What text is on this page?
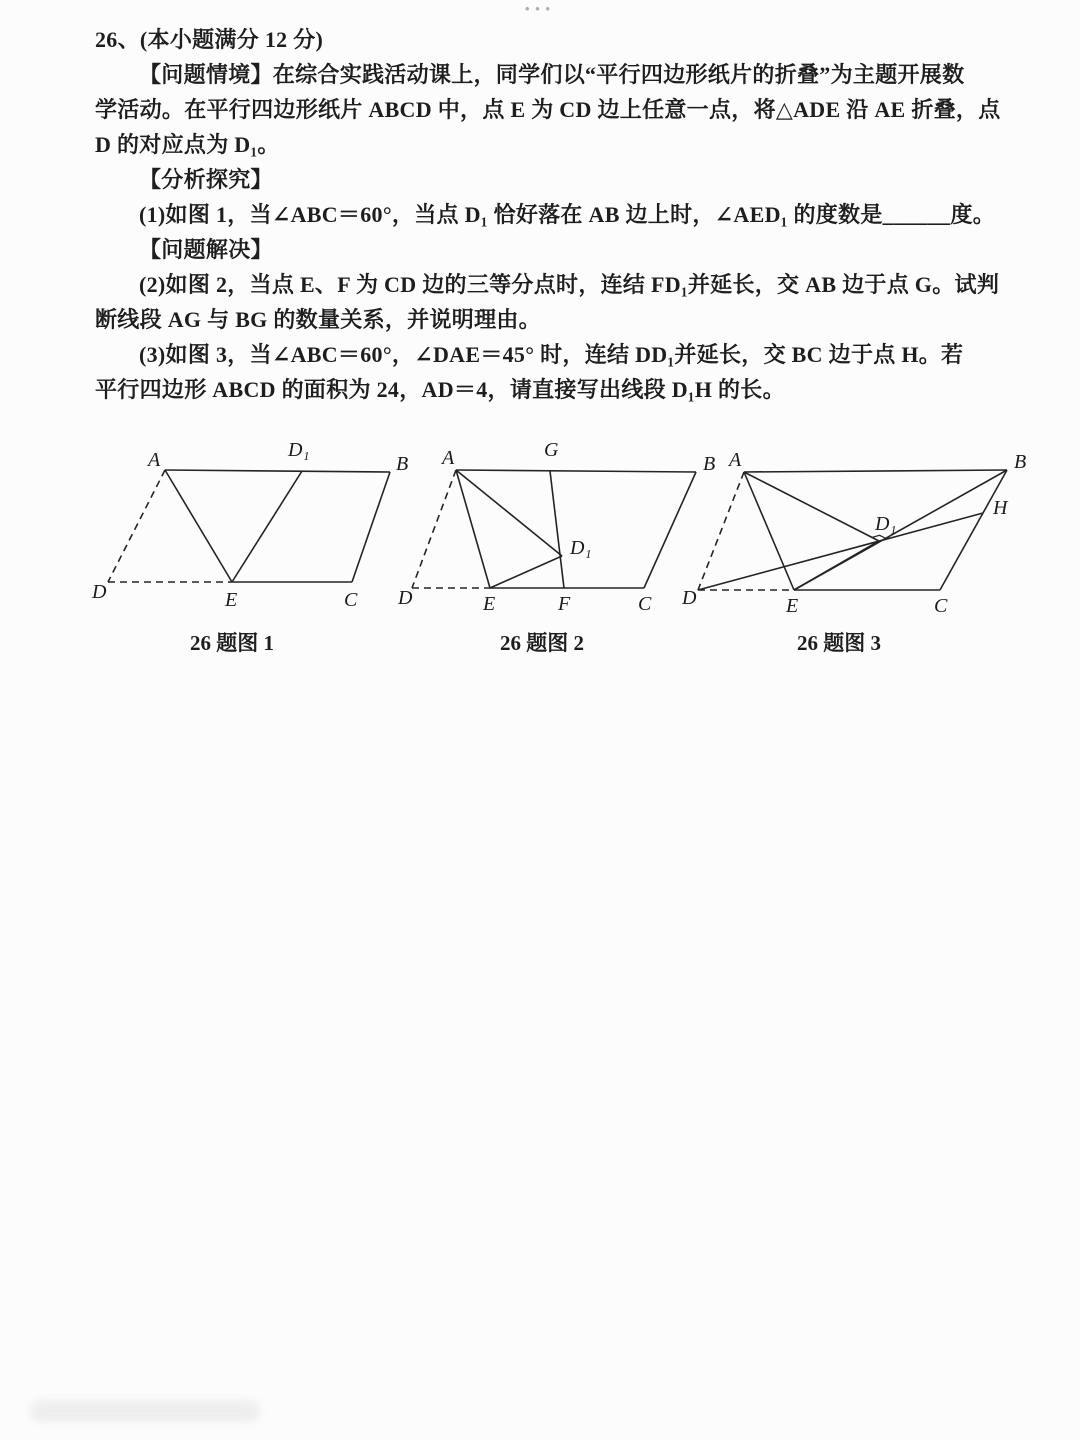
•••

26、(本小题满分 12 分)

【问题情境】在综合实践活动课上，同学们以“平行四边形纸片的折叠”为主题开展数

学活动。在平行四边形纸片 ABCD 中，点 E 为 CD 边上任意一点，将△ADE 沿 AE 折叠，点

D 的对应点为 D₁。

【分析探究】

(1)如图 1，当∠ABC＝60°，当点 D₁ 恰好落在 AB 边上时，∠AED₁ 的度数是______度。

【问题解决】

(2)如图 2，当点 E、F 为 CD 边的三等分点时，连结 FD₁并延长，交 AB 边于点 G。试判

断线段 AG 与 BG 的数量关系，并说明理由。

(3)如图 3，当∠ABC＝60°，∠DAE＝45° 时，连结 DD₁并延长，交 BC 边于点 H。若

平行四边形 ABCD 的面积为 24，AD＝4，请直接写出线段 D₁H 的长。

A	D₁
B
D	E	C
26 题图 1
A	G
B
D	E	F	C
D₁
26 题图 2
A	B
H
D₁
D	E	C
26 题图 3
